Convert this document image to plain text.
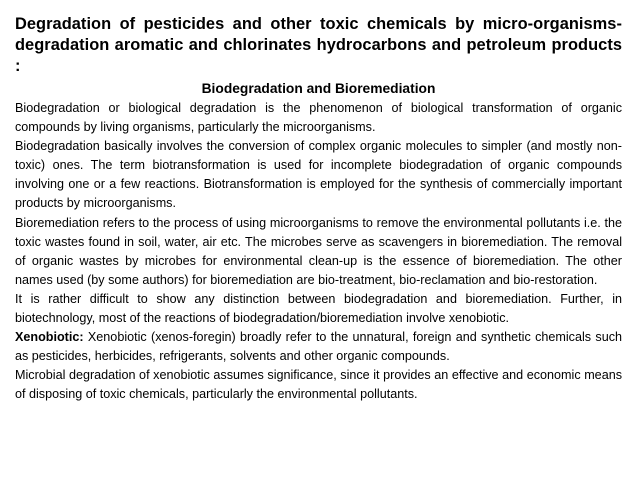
Degradation of pesticides and other toxic chemicals by micro-organisms-degradation aromatic and chlorinates hydrocarbons and petroleum products :
Biodegradation and Bioremediation

Biodegradation or biological degradation is the phenomenon of biological transformation of organic compounds by living organisms, particularly the microorganisms.

Biodegradation basically involves the conversion of complex organic molecules to simpler (and mostly non-toxic) ones. The term biotransformation is used for incomplete biodegradation of organic compounds involving one or a few reactions. Biotransformation is employed for the synthesis of commercially important products by microorganisms.

Bioremediation refers to the process of using microorganisms to remove the environmental pollutants i.e. the toxic wastes found in soil, water, air etc. The microbes serve as scavengers in bioremediation. The removal of organic wastes by microbes for environmental clean-up is the essence of bioremediation. The other names used (by some authors) for bioremediation are bio-treatment, bio-reclamation and bio-restoration.

It is rather difficult to show any distinction between biodegradation and bioremediation. Further, in biotechnology, most of the reactions of biodegradation/bioremediation involve xenobiotic.

Xenobiotic: Xenobiotic (xenos-foregin) broadly refer to the unnatural, foreign and synthetic chemicals such as pesticides, herbicides, refrigerants, solvents and other organic compounds.

Microbial degradation of xenobiotic assumes significance, since it provides an effective and economic means of disposing of toxic chemicals, particularly the environmental pollutants.
